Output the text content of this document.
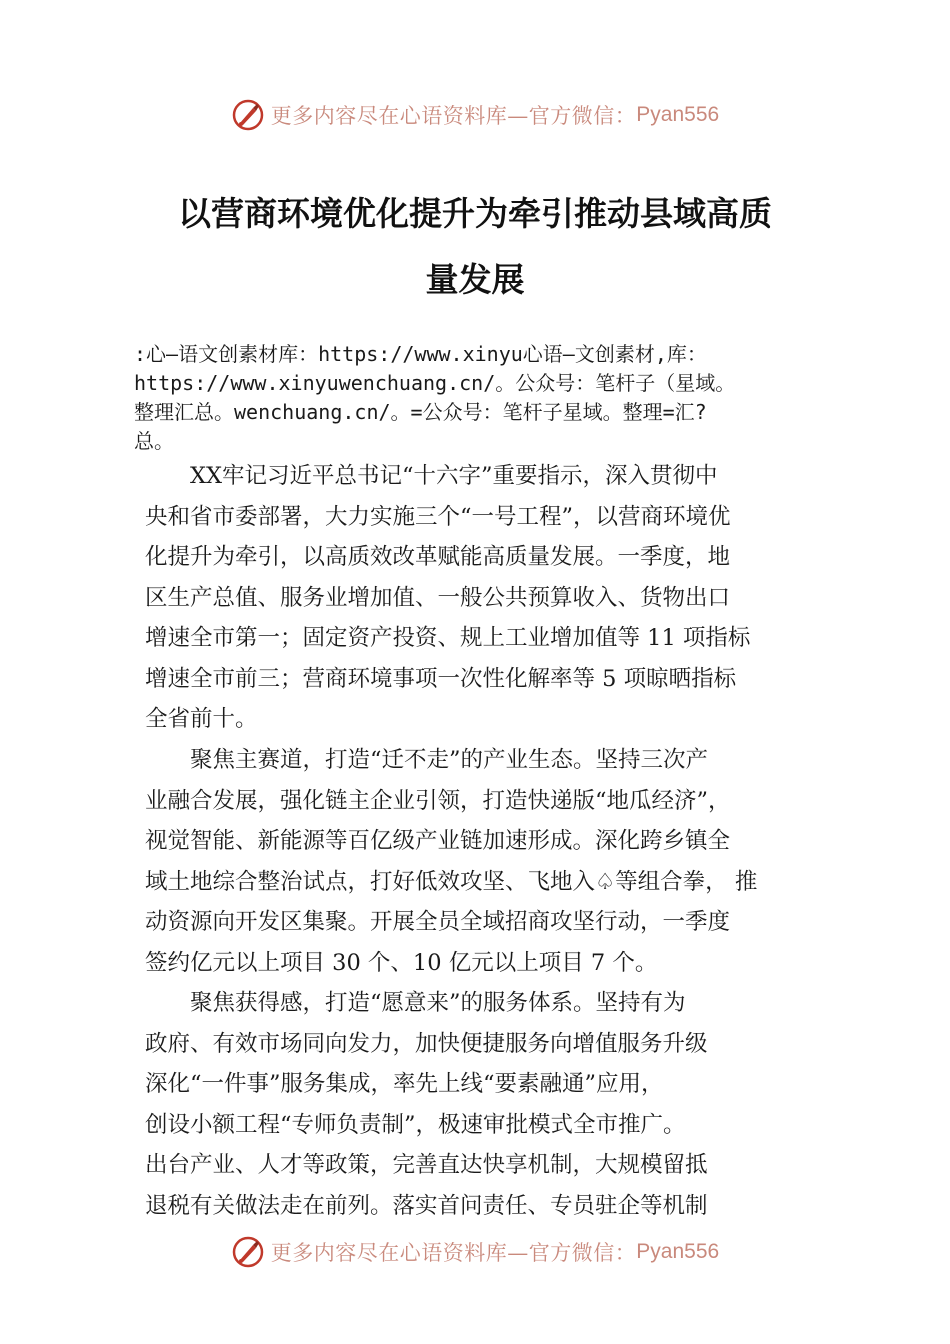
更多内容尽在心语资料库—官方微信： Pyan556
以营商环境优化提升为牵引推动县域高质
量发展
:心—语文创素材库：https://www.xinyu心语—文创素材,库：
https://www.xinyuwenchuang.cn/。公众号：笔杆子（星域。
整理汇总。wenchuang.cn/。=公众号：笔杆子星域。整理=汇?
总。
　　XX牢记习近平总书记“十六字”重要指示，深入贯彻中
央和省市委部署，大力实施三个“一号工程”，以营商环境优
化提升为牵引，以高质效改革赋能高质量发展。一季度，地
区生产总值、服务业增加值、一般公共预算收入、货物出口
增速全市第一；固定资产投资、规上工业增加值等 11 项指标
增速全市前三；营商环境事项一次性化解率等 5 项晾晒指标
全省前十。
　　聚焦主赛道，打造“迁不走”的产业生态。坚持三次产
业融合发展，强化链主企业引领，打造快递版“地瓜经济”，
视觉智能、新能源等百亿级产业链加速形成。深化跨乡镇全
域土地综合整治试点，打好低效攻坚、飞地入♤等组合拳， 推
动资源向开发区集聚。开展全员全域招商攻坚行动，一季度
签约亿元以上项目 30 个、10 亿元以上项目 7 个。
　　聚焦获得感，打造“愿意来”的服务体系。坚持有为
政府、有效市场同向发力，加快便捷服务向增值服务升级
深化“一件事”服务集成，率先上线“要素融通”应用，
创设小额工程“专师负责制”，极速审批模式全市推广。
出台产业、人才等政策，完善直达快享机制，大规模留抵
退税有关做法走在前列。落实首问责任、专员驻企等机制
更多内容尽在心语资料库—官方微信： Pyan556
